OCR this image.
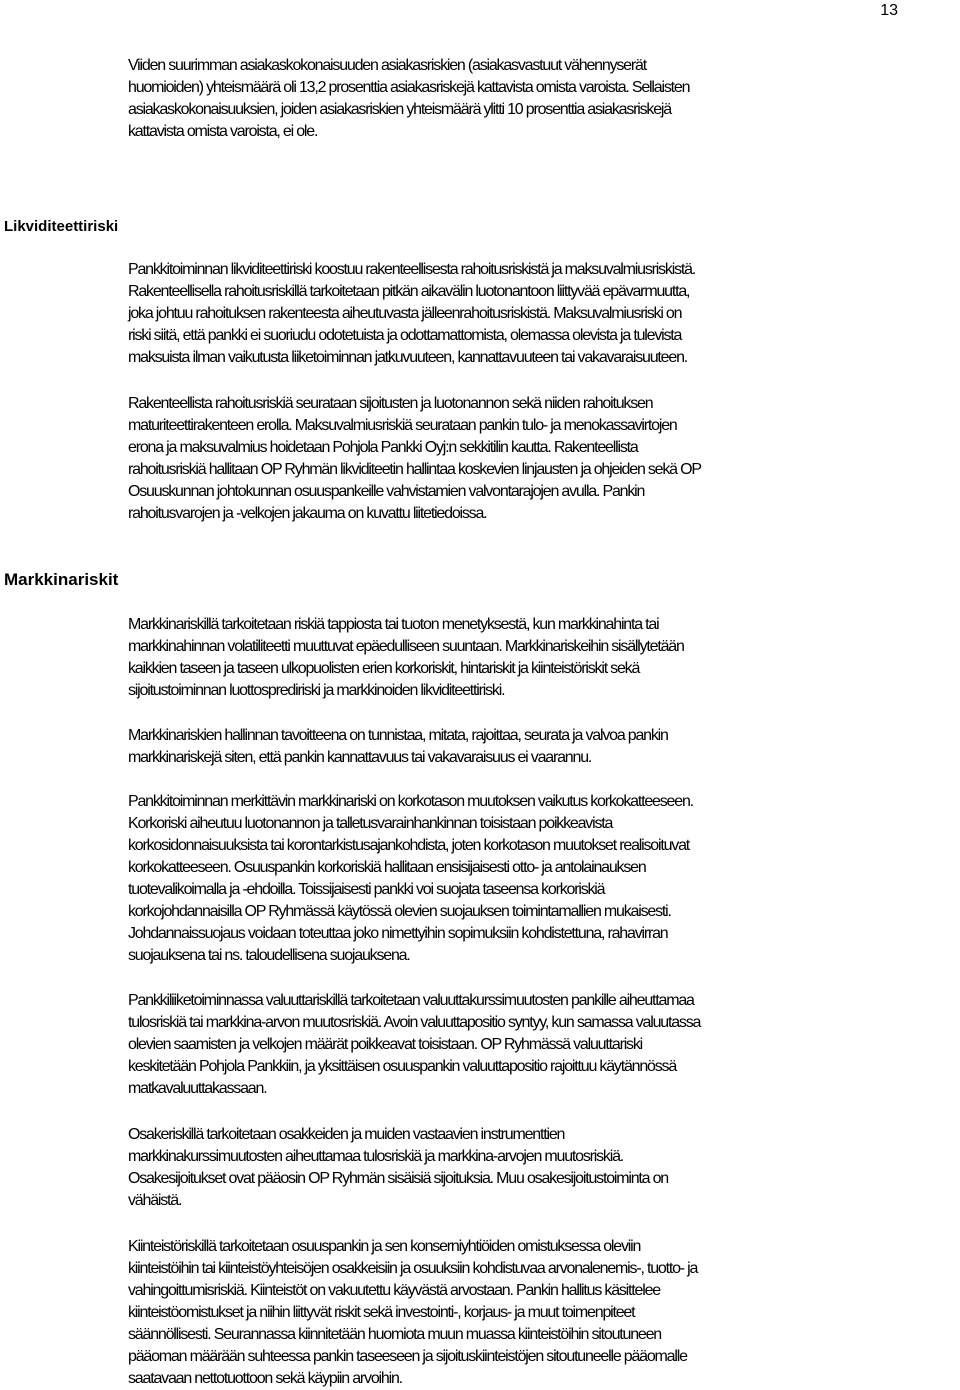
13

Viiden suurimman asiakaskokonaisuuden asiakasriskien (asiakasvastuut vähennyserät
huomioiden) yhteismäärä oli 13,2 prosenttia asiakasriskejä kattavista omista varoista. Sellaisten
asiakaskokonaisuuksien, joiden asiakasriskien yhteismäärä ylitti 10 prosenttia asiakasriskejä
kattavista omista varoista, ei ole.

Likviditeettiriski

Pankkitoiminnan likviditeettiriski koostuu rakenteellisesta rahoitusriskistä ja maksuvalmiusriskistä.
Rakenteellisella rahoitusriskillä tarkoitetaan pitkän aikavälin luotonantoon liittyvää epävarmuutta,
joka johtuu rahoituksen rakenteesta aiheutuvasta jälleenrahoitusriskistä. Maksuvalmiusriski on
riski siitä, että pankki ei suoriudu odotetuista ja odottamattomista, olemassa olevista ja tulevista
maksuista ilman vaikutusta liiketoiminnan jatkuvuuteen, kannattavuuteen tai vakavaraisuuteen.

Rakenteellista rahoitusriskiä seurataan sijoitusten ja luotonannon sekä niiden rahoituksen
maturiteettirakenteen erolla. Maksuvalmiusriskiä seurataan pankin tulo- ja menokassavirtojen
erona ja maksuvalmius hoidetaan Pohjola Pankki Oyj:n sekkitilin kautta. Rakenteellista
rahoitusriskiä hallitaan OP Ryhmän likviditeetin hallintaa koskevien linjausten ja ohjeiden sekä OP
Osuuskunnan johtokunnan osuuspankeille vahvistamien valvontarajojen avulla. Pankin
rahoitusvarojen ja -velkojen jakauma on kuvattu liitetiedoissa.

Markkinariskit

Markkinariskillä tarkoitetaan riskiä tappiosta tai tuoton menetyksestä, kun markkinahinta tai
markkinahinnan volatiliteetti muuttuvat epäedulliseen suuntaan. Markkinariskeihin sisällytetään
kaikkien taseen ja taseen ulkopuolisten erien korkoriskit, hintariskit ja kiinteistöriskit sekä
sijoitustoiminnan luottosprediriski ja markkinoiden likviditeettiriski.

Markkinariskien hallinnan tavoitteena on tunnistaa, mitata, rajoittaa, seurata ja valvoa pankin
markkinariskejä siten, että pankin kannattavuus tai vakavaraisuus ei vaarannu.

Pankkitoiminnan merkittävin markkinariski on korkotason muutoksen vaikutus korkokatteeseen.
Korkoriski aiheutuu luotonannon ja talletusvarainhankinnan toisistaan poikkeavista
korkosidonnaisuuksista tai korontarkistusajankohdista, joten korkotason muutokset realisoituvat
korkokatteeseen. Osuuspankin korkoriskiä hallitaan ensisijaisesti otto- ja antolainauksen
tuotevalikoimalla ja -ehdoilla. Toissijaisesti pankki voi suojata taseensa korkoriskiä
korkojohdannaisilla OP Ryhmässä käytössä olevien suojauksen toimintamallien mukaisesti.
Johdannaissuojaus voidaan toteuttaa joko nimettyihin sopimuksiin kohdistettuna, rahavirran
suojauksena tai ns. taloudellisena suojauksena.

Pankkiliiketoiminnassa valuuttariskillä tarkoitetaan valuuttakurssimuutosten pankille aiheuttamaa
tulosriskiä tai markkina-arvon muutosriskiä. Avoin valuuttapositio syntyy, kun samassa valuutassa
olevien saamisten ja velkojen määrät poikkeavat toisistaan. OP Ryhmässä valuuttariski
keskitetään Pohjola Pankkiin, ja yksittäisen osuuspankin valuuttapositio rajoittuu käytännössä
matkavaluuttakassaan.

Osakeriskillä tarkoitetaan osakkeiden ja muiden vastaavien instrumenttien
markkinakurssimuutosten aiheuttamaa tulosriskiä ja markkina-arvojen muutosriskiä.
Osakesijoitukset ovat pääosin OP Ryhmän sisäisiä sijoituksia. Muu osakesijoitustoiminta on
vähäistä.

Kiinteistöriskillä tarkoitetaan osuuspankin ja sen konserniyhtiöiden omistuksessa oleviin
kiinteistöihin tai kiinteistöyhteisöjen osakkeisiin ja osuuksiin kohdistuvaa arvonalenemis-, tuotto- ja
vahingoittumisriskiä. Kiinteistöt on vakuutettu käyvästä arvostaan. Pankin hallitus käsittelee
kiinteistöomistukset ja niihin liittyvät riskit sekä investointi-, korjaus- ja muut toimenpiteet
säännöllisesti. Seurannassa kiinnitetään huomiota muun muassa kiinteistöihin sitoutuneen
pääoman määrään suhteessa pankin taseeseen ja sijoituskiinteistöjen sitoutuneelle pääomalle
saatavaan nettotuottoon sekä käypiin arvoihin.
